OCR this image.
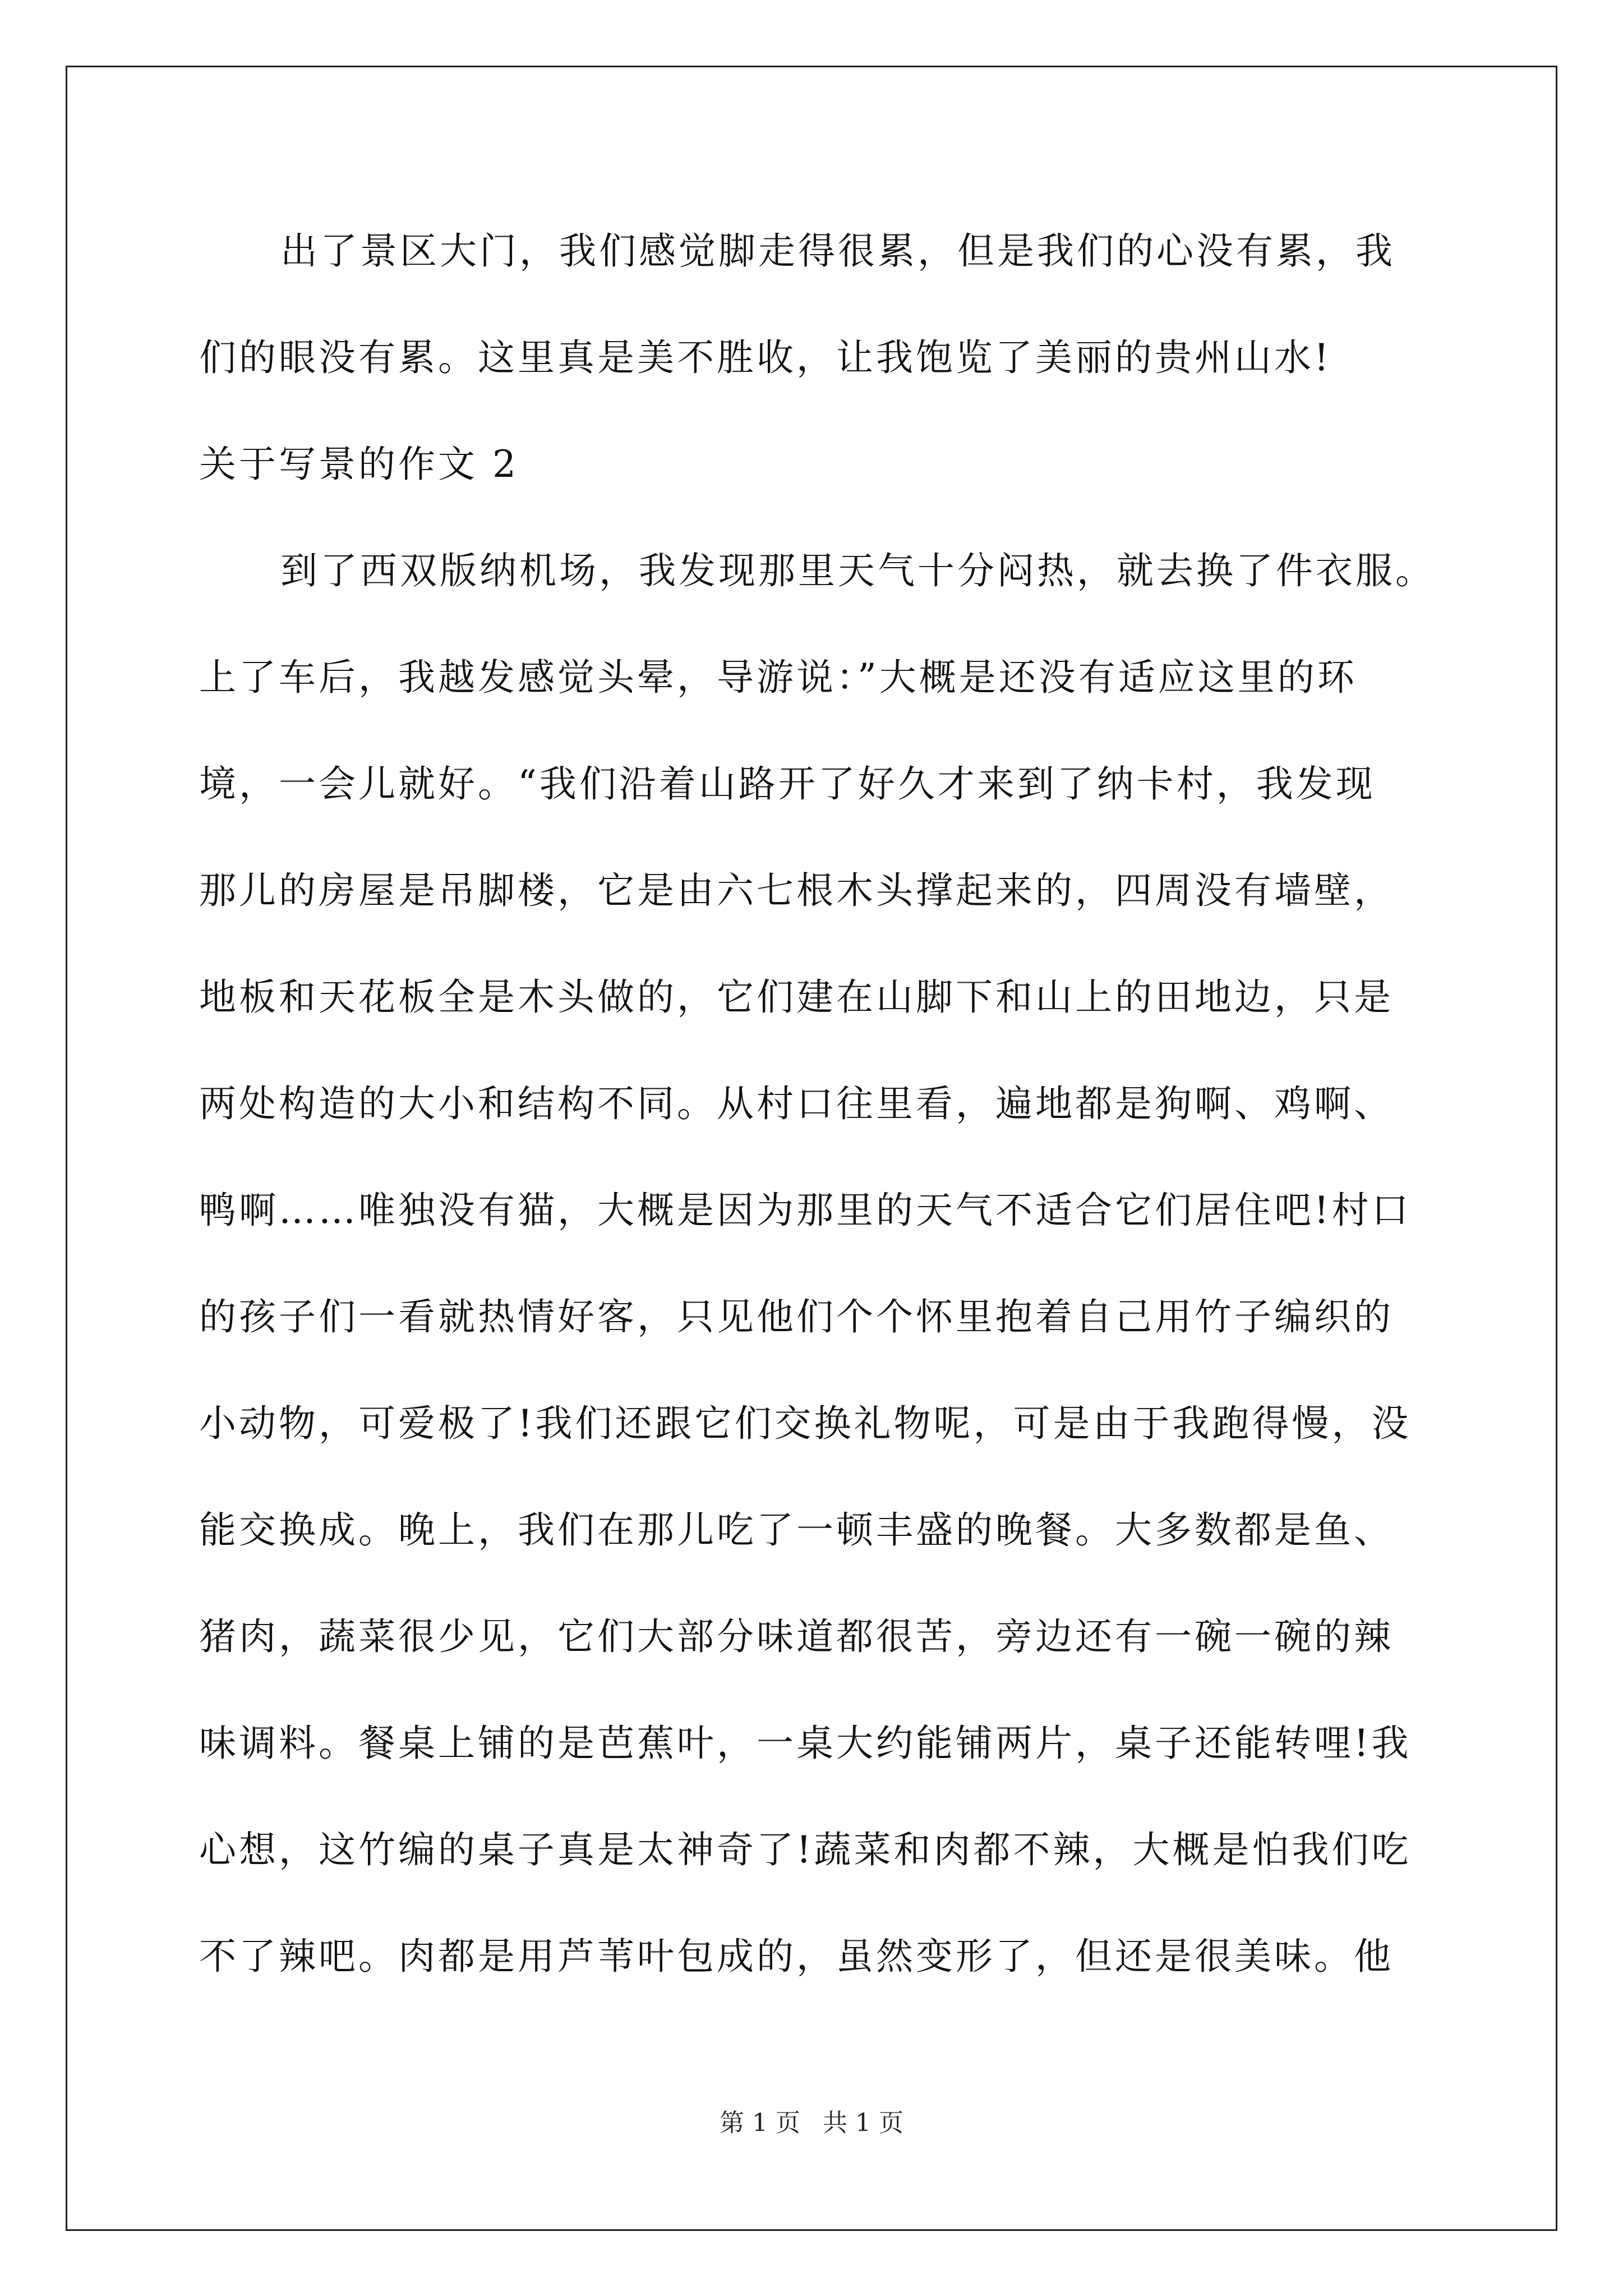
出了景区大门，我们感觉脚走得很累，但是我们的心没有累，我
们的眼没有累。这里真是美不胜收，让我饱览了美丽的贵州山水!
关于写景的作文 2
到了西双版纳机场，我发现那里天气十分闷热，就去换了件衣服。
上了车后，我越发感觉头晕，导游说：”大概是还没有适应这里的环
境，一会儿就好。“我们沿着山路开了好久才来到了纳卡村，我发现
那儿的房屋是吊脚楼，它是由六七根木头撑起来的，四周没有墙壁，
地板和天花板全是木头做的，它们建在山脚下和山上的田地边，只是
两处构造的大小和结构不同。从村口往里看，遍地都是狗啊、鸡啊、
鸭啊……唯独没有猫，大概是因为那里的天气不适合它们居住吧!村口
的孩子们一看就热情好客，只见他们个个怀里抱着自己用竹子编织的
小动物，可爱极了!我们还跟它们交换礼物呢，可是由于我跑得慢，没
能交换成。晚上，我们在那儿吃了一顿丰盛的晚餐。大多数都是鱼、
猪肉，蔬菜很少见，它们大部分味道都很苦，旁边还有一碗一碗的辣
味调料。餐桌上铺的是芭蕉叶，一桌大约能铺两片，桌子还能转哩!我
心想，这竹编的桌子真是太神奇了!蔬菜和肉都不辣，大概是怕我们吃
不了辣吧。肉都是用芦苇叶包成的，虽然变形了，但还是很美味。他
第 1 页 共 1 页
